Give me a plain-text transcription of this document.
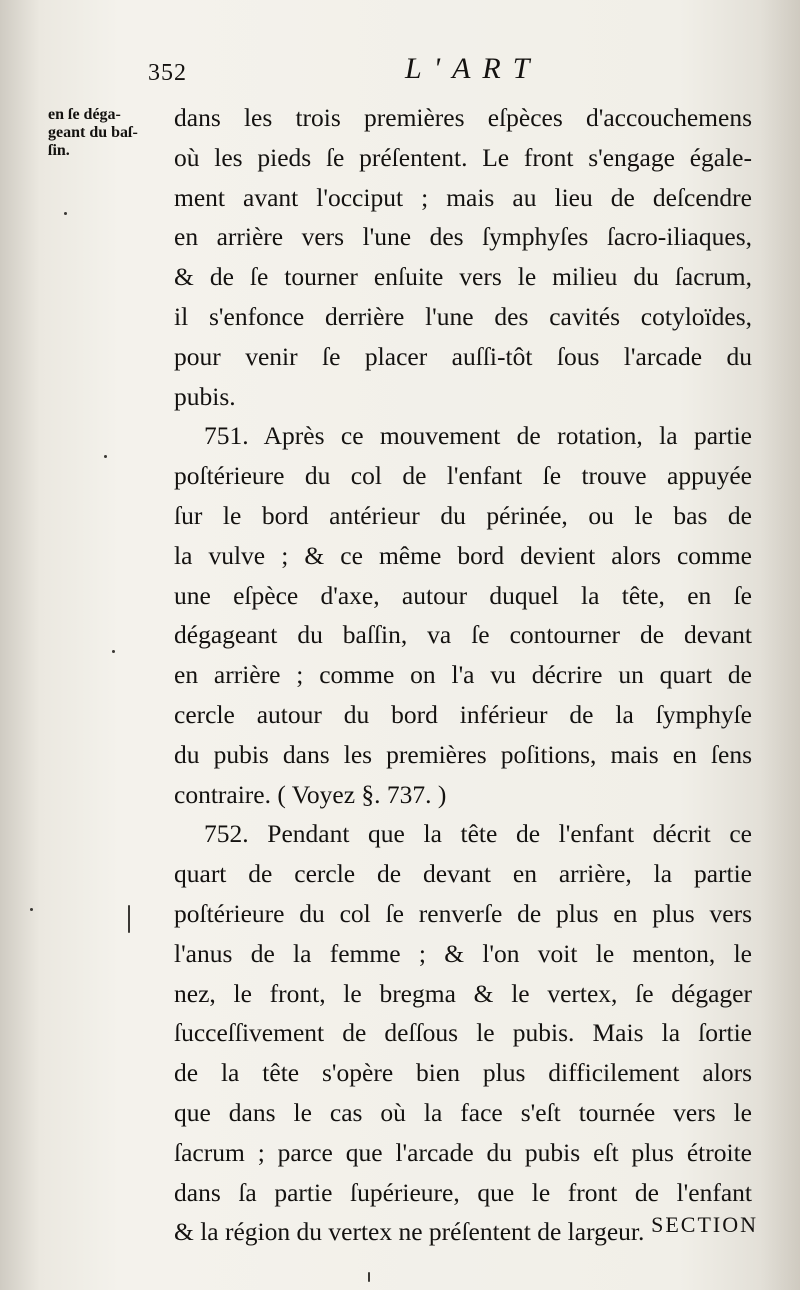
352	L'ART
en ſe déga-
geant du baſ-
ſin.
dans les trois premières eſpèces d'accouchemens
où les pieds ſe préſentent. Le front s'engage égale-
ment avant l'occiput ; mais au lieu de deſcendre
en arrière vers l'une des ſymphyſes ſacro-iliaques,
& de ſe tourner enſuite vers le milieu du ſacrum,
il s'enfonce derrière l'une des cavités cotyloïdes,
pour venir ſe placer auſſi-tôt ſous l'arcade du
pubis.
751. Après ce mouvement de rotation, la partie
poſtérieure du col de l'enfant ſe trouve appuyée
ſur le bord antérieur du périnée, ou le bas de
la vulve ; & ce même bord devient alors comme
une eſpèce d'axe, autour duquel la tête, en ſe
dégageant du baſſin, va ſe contourner de devant
en arrière ; comme on l'a vu décrire un quart de
cercle autour du bord inférieur de la ſymphyſe
du pubis dans les premières poſitions, mais en ſens
contraire. ( Voyez §. 737. )
752. Pendant que la tête de l'enfant décrit ce
quart de cercle de devant en arrière, la partie
poſtérieure du col ſe renverſe de plus en plus vers
l'anus de la femme ; & l'on voit le menton, le
nez, le front, le bregma & le vertex, ſe dégager
ſucceſſivement de deſſous le pubis. Mais la ſortie
de la tête s'opère bien plus difficilement alors
que dans le cas où la face s'eſt tournée vers le
ſacrum ; parce que l'arcade du pubis eſt plus étroite
dans ſa partie ſupérieure, que le front de l'enfant
& la région du vertex ne préſentent de largeur. SECTION
